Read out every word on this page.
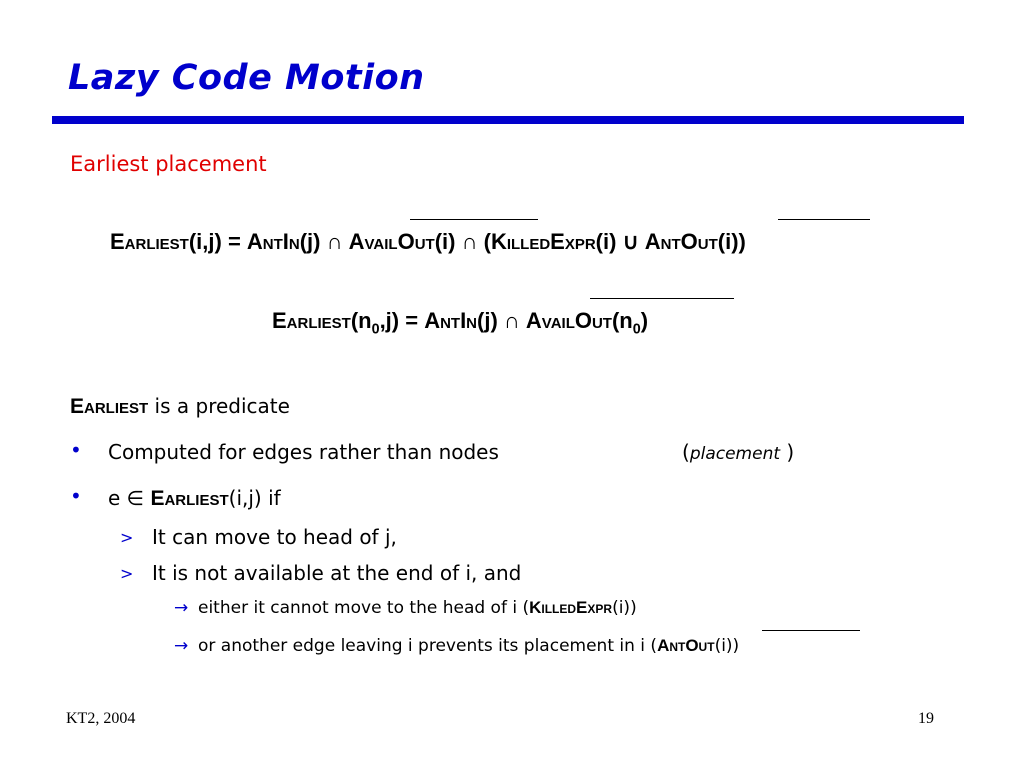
Lazy Code Motion
Earliest placement
Earliest(i,j) = AntIn(j) ∩ AvailOut(i) ∩ (KilledExpr(i) ∪ AntOut(i))
$Earliest(n_0,j)$ = AntIn(j) ∩ $AvailOut(n_0)$
Earliest is a predicate
• Computed for edges rather than nodes	(placement )
• e ∈ Earliest(i,j) if
> It can move to head of j,
> It is not available at the end of i, and
→ either it cannot move to the head of i (KilledExpr(i))
→ or another edge leaving i prevents its placement in i (AntOut(i))
KT2, 2004	19
